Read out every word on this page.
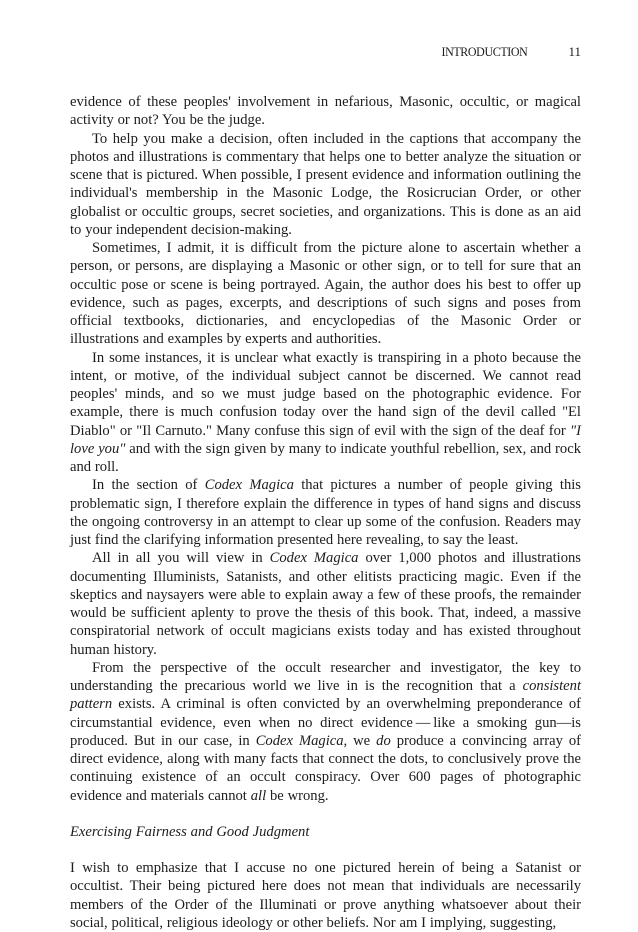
INTRODUCTION	11

evidence of these peoples' involvement in nefarious, Masonic, occultic, or magical activity or not? You be the judge.

To help you make a decision, often included in the captions that accompany the photos and illustrations is commentary that helps one to better analyze the situation or scene that is pictured. When possible, I present evidence and information outlining the individual's membership in the Masonic Lodge, the Rosicrucian Order, or other globalist or occultic groups, secret societies, and organizations. This is done as an aid to your independent decision-making.

Sometimes, I admit, it is difficult from the picture alone to ascertain whether a person, or persons, are displaying a Masonic or other sign, or to tell for sure that an occultic pose or scene is being portrayed. Again, the author does his best to offer up evidence, such as pages, excerpts, and descriptions of such signs and poses from official textbooks, dictionaries, and encyclopedias of the Masonic Order or illustrations and examples by experts and authorities.

In some instances, it is unclear what exactly is transpiring in a photo because the intent, or motive, of the individual subject cannot be discerned. We cannot read peoples' minds, and so we must judge based on the photographic evidence. For example, there is much confusion today over the hand sign of the devil called "El Diablo" or "Il Carnuto." Many confuse this sign of evil with the sign of the deaf for "I love you" and with the sign given by many to indicate youthful rebellion, sex, and rock and roll.

In the section of Codex Magica that pictures a number of people giving this problematic sign, I therefore explain the difference in types of hand signs and discuss the ongoing controversy in an attempt to clear up some of the confusion. Readers may just find the clarifying information presented here revealing, to say the least.

All in all you will view in Codex Magica over 1,000 photos and illustrations documenting Illuminists, Satanists, and other elitists practicing magic. Even if the skeptics and naysayers were able to explain away a few of these proofs, the remainder would be sufficient aplenty to prove the thesis of this book. That, indeed, a massive conspiratorial network of occult magicians exists today and has existed throughout human history.

From the perspective of the occult researcher and investigator, the key to understanding the precarious world we live in is the recognition that a consistent pattern exists. A criminal is often convicted by an overwhelming preponderance of circumstantial evidence, even when no direct evidence — like a smoking gun—is produced. But in our case, in Codex Magica, we do produce a convincing array of direct evidence, along with many facts that connect the dots, to conclusively prove the continuing existence of an occult conspiracy. Over 600 pages of photographic evidence and materials cannot all be wrong.

Exercising Fairness and Good Judgment

I wish to emphasize that I accuse no one pictured herein of being a Satanist or occultist. Their being pictured here does not mean that individuals are necessarily members of the Order of the Illuminati or prove anything whatsoever about their social, political, religious ideology or other beliefs. Nor am I implying, suggesting,
